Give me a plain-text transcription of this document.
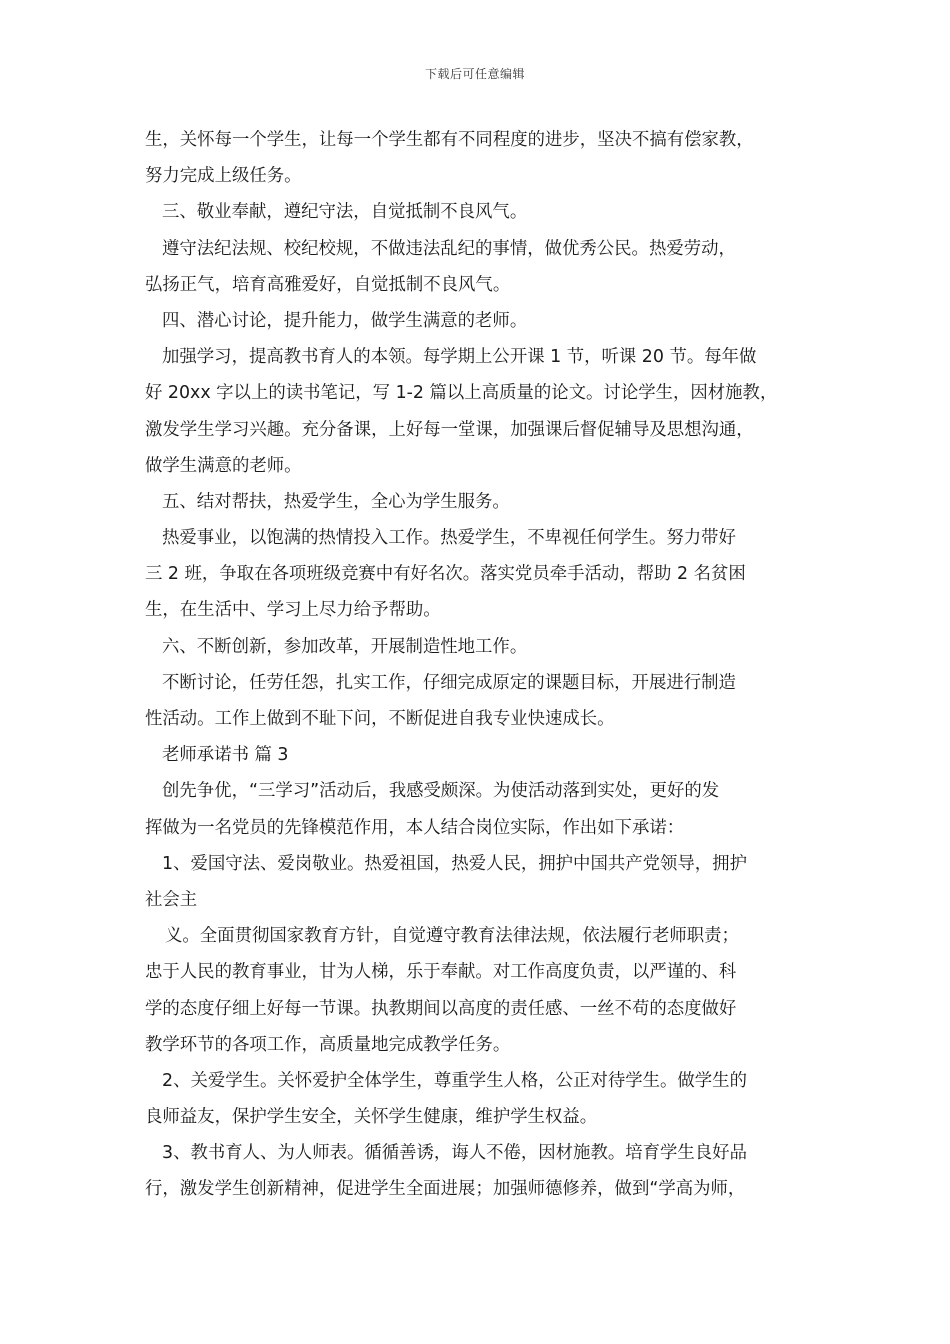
下载后可任意编辑
生，关怀每一个学生，让每一个学生都有不同程度的进步，坚决不搞有偿家教，
努力完成上级任务。
三、敬业奉献，遵纪守法，自觉抵制不良风气。
遵守法纪法规、校纪校规，不做违法乱纪的事情，做优秀公民。热爱劳动，
弘扬正气，培育高雅爱好，自觉抵制不良风气。
四、潜心讨论，提升能力，做学生满意的老师。
加强学习，提高教书育人的本领。每学期上公开课 1 节，听课 20 节。每年做
好 20xx 字以上的读书笔记，写 1-2 篇以上高质量的论文。讨论学生，因材施教，
激发学生学习兴趣。充分备课，上好每一堂课，加强课后督促辅导及思想沟通，
做学生满意的老师。
五、结对帮扶，热爱学生，全心为学生服务。
热爱事业，以饱满的热情投入工作。热爱学生，不卑视任何学生。努力带好
三 2 班，争取在各项班级竞赛中有好名次。落实党员牵手活动，帮助 2 名贫困
生，在生活中、学习上尽力给予帮助。
六、不断创新，参加改革，开展制造性地工作。
不断讨论，任劳任怨，扎实工作，仔细完成原定的课题目标，开展进行制造
性活动。工作上做到不耻下问，不断促进自我专业快速成长。
老师承诺书 篇 3
创先争优，“三学习”活动后，我感受颇深。为使活动落到实处，更好的发
挥做为一名党员的先锋模范作用，本人结合岗位实际，作出如下承诺：
1、爱国守法、爱岗敬业。热爱祖国，热爱人民，拥护中国共产党领导，拥护
社会主
义。全面贯彻国家教育方针，自觉遵守教育法律法规，依法履行老师职责；
忠于人民的教育事业，甘为人梯，乐于奉献。对工作高度负责，以严谨的、科
学的态度仔细上好每一节课。执教期间以高度的责任感、一丝不苟的态度做好
教学环节的各项工作，高质量地完成教学任务。
2、关爱学生。关怀爱护全体学生，尊重学生人格，公正对待学生。做学生的
良师益友，保护学生安全，关怀学生健康，维护学生权益。
3、教书育人、为人师表。循循善诱，诲人不倦，因材施教。培育学生良好品
行，激发学生创新精神，促进学生全面进展；加强师德修养，做到“学高为师，
